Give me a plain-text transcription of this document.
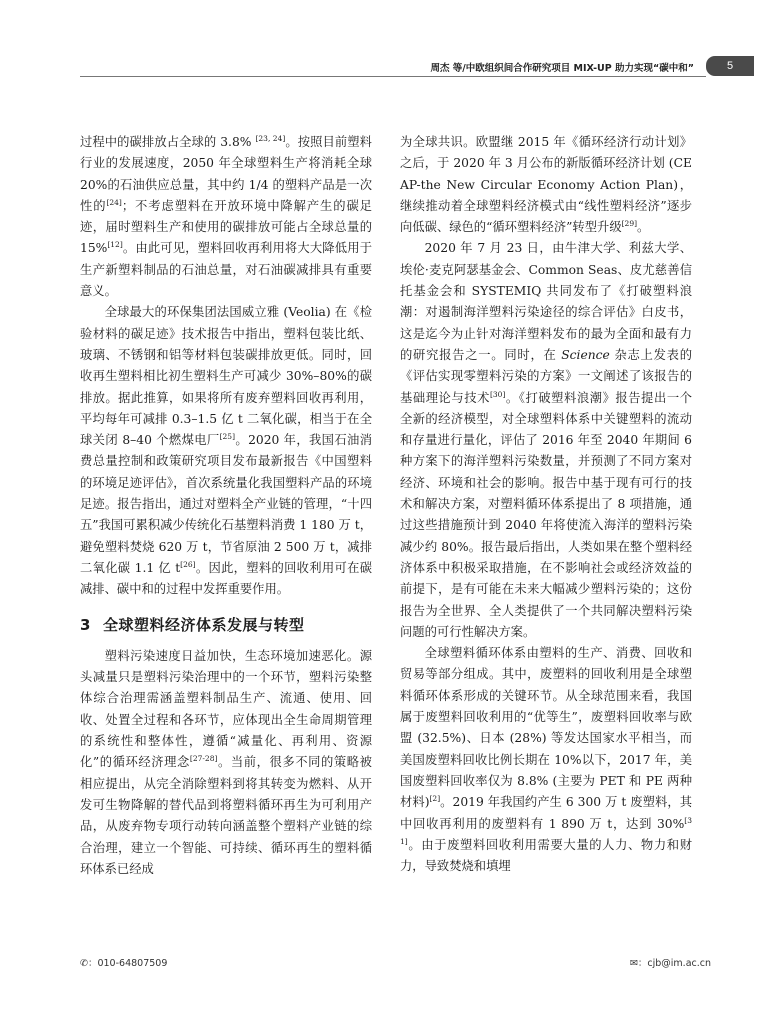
周杰 等/中欧组织间合作研究项目 MIX-UP 助力实现“碳中和”	5

过程中的碳排放占全球的 3.8% [23, 24]。按照目前塑料行业的发展速度，2050 年全球塑料生产将消耗全球 20%的石油供应总量，其中约 1/4 的塑料产品是一次性的[24]；不考虑塑料在开放环境中降解产生的碳足迹，届时塑料生产和使用的碳排放可能占全球总量的 15%[12]。由此可见，塑料回收再利用将大大降低用于生产新塑料制品的石油总量，对石油碳减排具有重要意义。

全球最大的环保集团法国威立雅 (Veolia) 在《检验材料的碳足迹》技术报告中指出，塑料包装比纸、玻璃、不锈钢和铝等材料包装碳排放更低。同时，回收再生塑料相比初生塑料生产可减少 30%–80%的碳排放。据此推算，如果将所有废弃塑料回收再利用，平均每年可减排 0.3–1.5 亿 t 二氧化碳，相当于在全球关闭 8–40 个燃煤电厂[25]。2020 年，我国石油消费总量控制和政策研究项目发布最新报告《中国塑料的环境足迹评估》，首次系统量化我国塑料产品的环境足迹。报告指出，通过对塑料全产业链的管理，“十四五”我国可累积减少传统化石基塑料消费 1 180 万 t，避免塑料焚烧 620 万 t，节省原油 2 500 万 t，减排二氧化碳 1.1 亿 t[26]。因此，塑料的回收利用可在碳减排、碳中和的过程中发挥重要作用。

3 全球塑料经济体系发展与转型

塑料污染速度日益加快，生态环境加速恶化。源头减量只是塑料污染治理中的一个环节，塑料污染整体综合治理需涵盖塑料制品生产、流通、使用、回收、处置全过程和各环节，应体现出全生命周期管理的系统性和整体性，遵循“减量化、再利用、资源化”的循环经济理念[27-28]。当前，很多不同的策略被相应提出，从完全消除塑料到将其转变为燃料、从开发可生物降解的替代品到将塑料循环再生为可利用产品，从废弃物专项行动转向涵盖整个塑料产业链的综合治理，建立一个智能、可持续、循环再生的塑料循环体系已经成

为全球共识。欧盟继 2015 年《循环经济行动计划》之后，于 2020 年 3 月公布的新版循环经济计划 (CEAP-the New Circular Economy Action Plan)，继续推动着全球塑料经济模式由“线性塑料经济”逐步向低碳、绿色的“循环塑料经济”转型升级[29]。

2020 年 7 月 23 日，由牛津大学、利兹大学、埃伦·麦克阿瑟基金会、Common Seas、皮尤慈善信托基金会和 SYSTEMIQ 共同发布了《打破塑料浪潮：对遏制海洋塑料污染途径的综合评估》白皮书，这是迄今为止针对海洋塑料发布的最为全面和最有力的研究报告之一。同时，在 Science 杂志上发表的《评估实现零塑料污染的方案》一文阐述了该报告的基础理论与技术[30]。《打破塑料浪潮》报告提出一个全新的经济模型，对全球塑料体系中关键塑料的流动和存量进行量化，评估了 2016 年至 2040 年期间 6 种方案下的海洋塑料污染数量，并预测了不同方案对经济、环境和社会的影响。报告中基于现有可行的技术和解决方案，对塑料循环体系提出了 8 项措施，通过这些措施预计到 2040 年将使流入海洋的塑料污染减少约 80%。报告最后指出，人类如果在整个塑料经济体系中积极采取措施，在不影响社会或经济效益的前提下，是有可能在未来大幅减少塑料污染的；这份报告为全世界、全人类提供了一个共同解决塑料污染问题的可行性解决方案。

全球塑料循环体系由塑料的生产、消费、回收和贸易等部分组成。其中，废塑料的回收利用是全球塑料循环体系形成的关键环节。从全球范围来看，我国属于废塑料回收利用的“优等生”，废塑料回收率与欧盟 (32.5%)、日本 (28%) 等发达国家水平相当，而美国废塑料回收比例长期在 10%以下，2017 年，美国废塑料回收率仅为 8.8% (主要为 PET 和 PE 两种材料)[2]。2019 年我国约产生 6 300 万 t 废塑料，其中回收再利用的废塑料有 1 890 万 t，达到 30%[31]。由于废塑料回收利用需要大量的人力、物力和财力，导致焚烧和填埋

✆：010-64807509	✉：cjb@im.ac.cn
